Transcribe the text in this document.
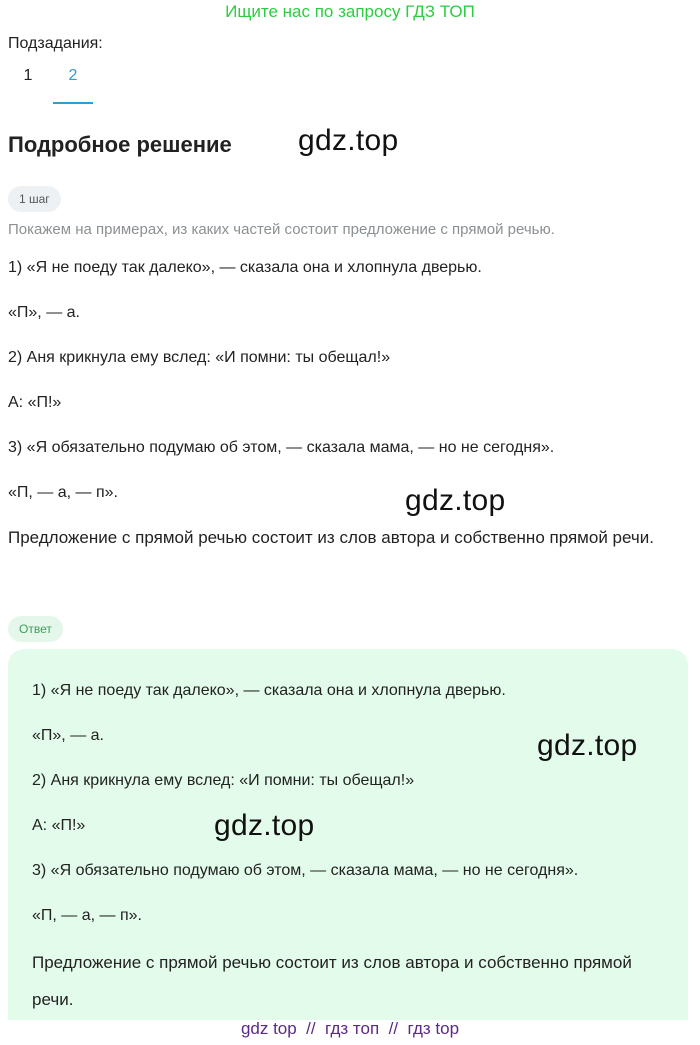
Ищите нас по запросу ГДЗ ТОП
Подзадания:
1	2
Подробное решение gdz.top
1 шаг
Покажем на примерах, из каких частей состоит предложение с прямой речью.
1) «Я не поеду так далеко», — сказала она и хлопнула дверью.
«П», — а.
2) Аня крикнула ему вслед: «И помни: ты обещал!»
А: «П!»
3) «Я обязательно подумаю об этом, — сказала мама, — но не сегодня».
«П, — а, — п».	gdz.top
Предложение с прямой речью состоит из слов автора и собственно прямой речи.
Ответ
1) «Я не поеду так далеко», — сказала она и хлопнула дверью.
«П», — а.
2) Аня крикнула ему вслед: «И помни: ты обещал!»
А: «П!»
3) «Я обязательно подумаю об этом, — сказала мама, — но не сегодня».
«П, — а, — п».
gdz.top
gdz.top
Предложение с прямой речью состоит из слов автора и собственно прямой речи.
gdz top  //  гдз топ  //  гдз top
